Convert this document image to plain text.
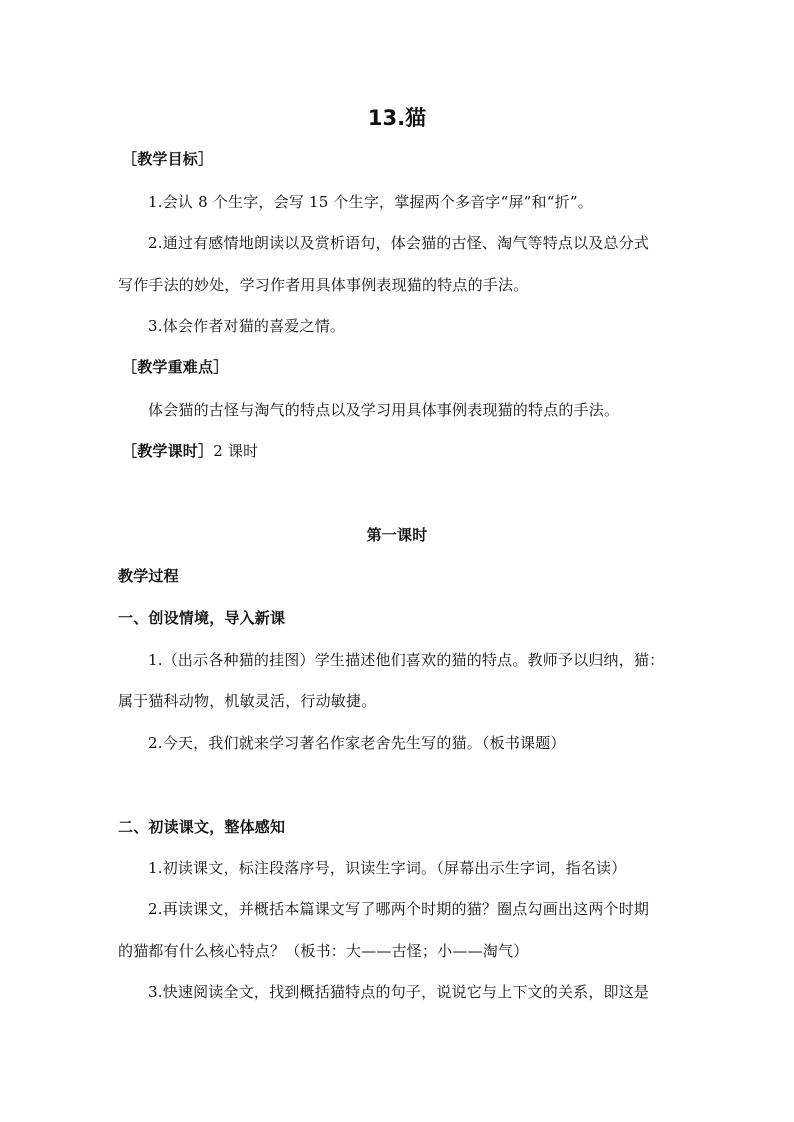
13.猫
［教学目标］
1.会认 8 个生字，会写 15 个生字，掌握两个多音字“屏”和“折”。
2.通过有感情地朗读以及赏析语句，体会猫的古怪、淘气等特点以及总分式
写作手法的妙处，学习作者用具体事例表现猫的特点的手法。
3.体会作者对猫的喜爱之情。
［教学重难点］
体会猫的古怪与淘气的特点以及学习用具体事例表现猫的特点的手法。
［教学课时］2 课时
第一课时
教学过程
一、创设情境，导入新课
1.（出示各种猫的挂图）学生描述他们喜欢的猫的特点。教师予以归纳，猫：
属于猫科动物，机敏灵活，行动敏捷。
2.今天，我们就来学习著名作家老舍先生写的猫。（板书课题）
二、初读课文，整体感知
1.初读课文，标注段落序号，识读生字词。（屏幕出示生字词，指名读）
2.再读课文，并概括本篇课文写了哪两个时期的猫？圈点勾画出这两个时期
的猫都有什么核心特点？（板书：大——古怪；小——淘气）
3.快速阅读全文，找到概括猫特点的句子，说说它与上下文的关系，即这是
